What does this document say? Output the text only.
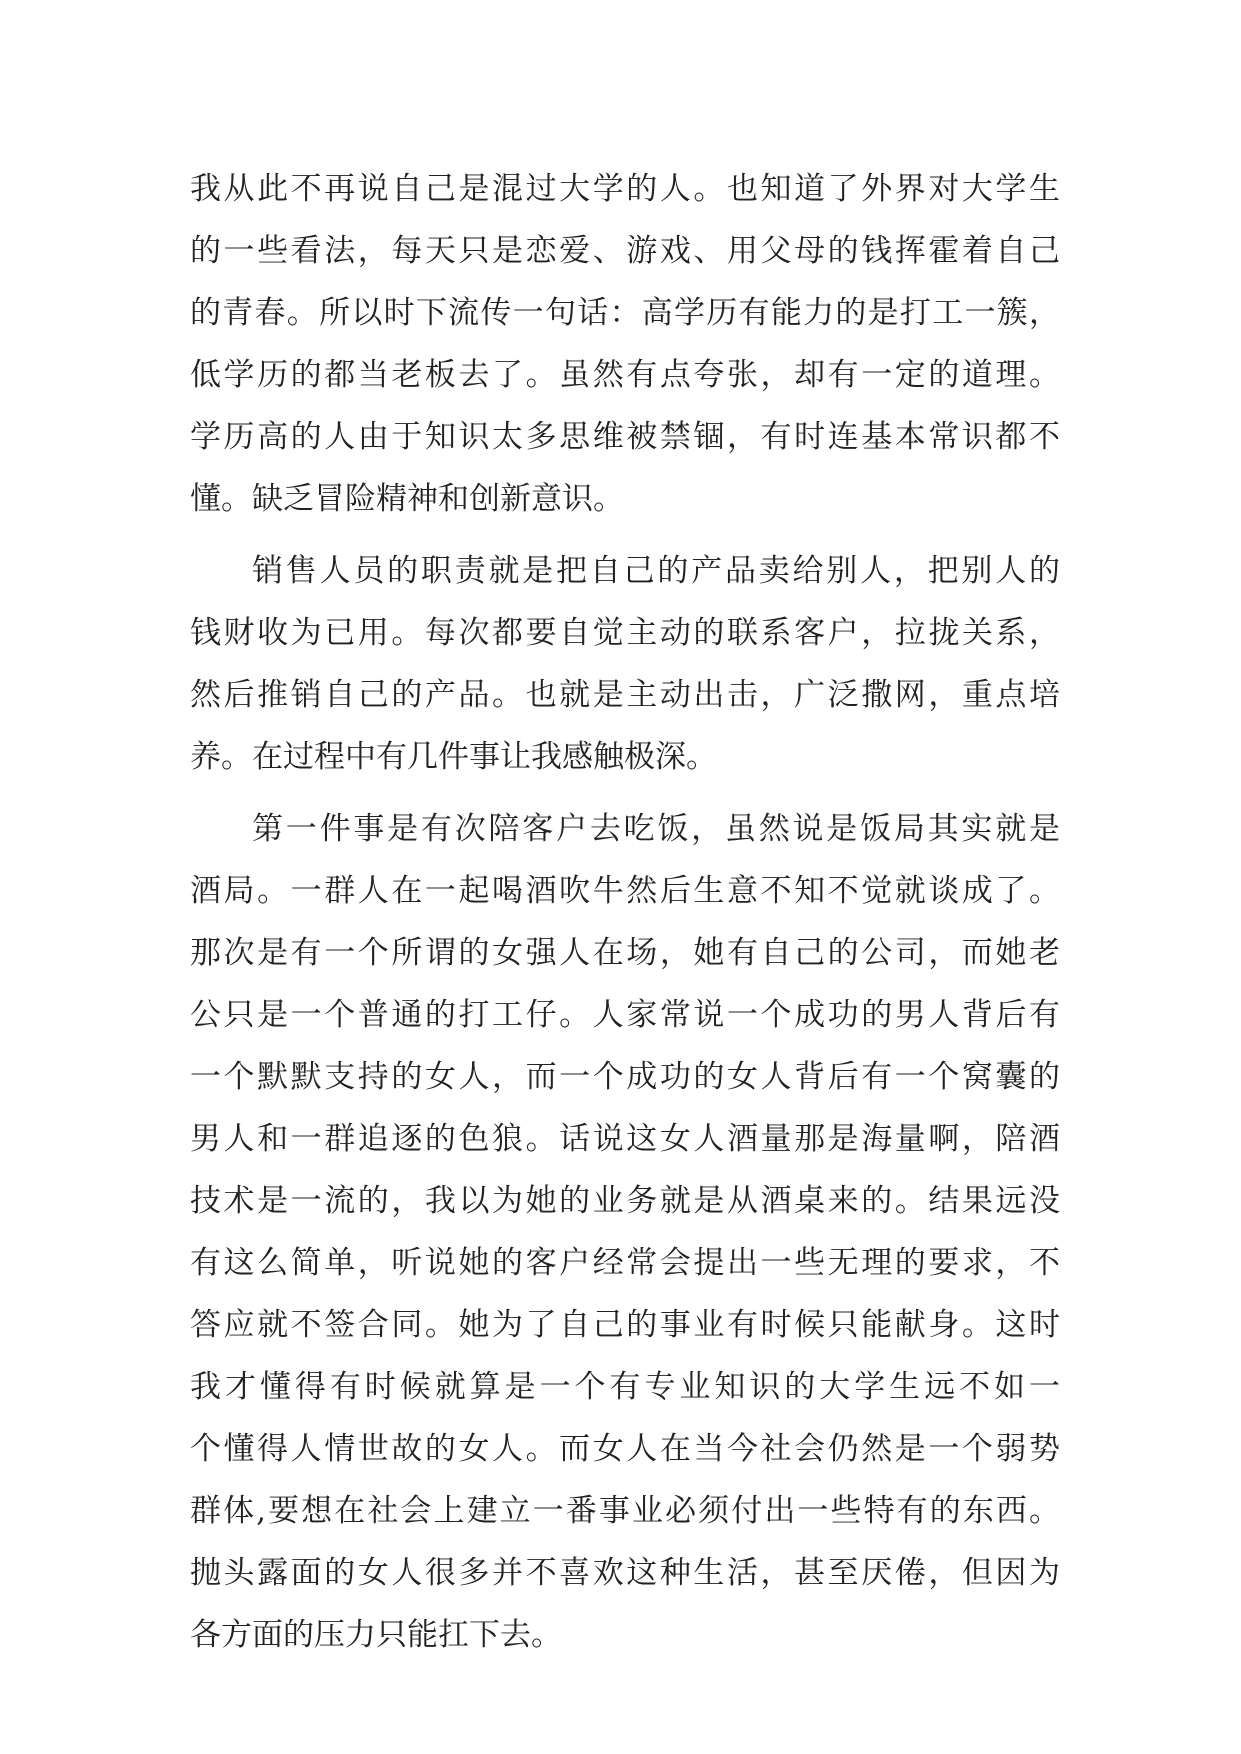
我从此不再说自己是混过大学的人。也知道了外界对大学生
的一些看法，每天只是恋爱、游戏、用父母的钱挥霍着自己
的青春。所以时下流传一句话：高学历有能力的是打工一簇，
低学历的都当老板去了。虽然有点夸张，却有一定的道理。
学历高的人由于知识太多思维被禁锢，有时连基本常识都不
懂。缺乏冒险精神和创新意识。
销售人员的职责就是把自己的产品卖给别人，把别人的
钱财收为已用。每次都要自觉主动的联系客户，拉拢关系，
然后推销自己的产品。也就是主动出击，广泛撒网，重点培
养。在过程中有几件事让我感触极深。
第一件事是有次陪客户去吃饭，虽然说是饭局其实就是
酒局。一群人在一起喝酒吹牛然后生意不知不觉就谈成了。
那次是有一个所谓的女强人在场，她有自己的公司，而她老
公只是一个普通的打工仔。人家常说一个成功的男人背后有
一个默默支持的女人，而一个成功的女人背后有一个窝囊的
男人和一群追逐的色狼。话说这女人酒量那是海量啊，陪酒
技术是一流的，我以为她的业务就是从酒桌来的。结果远没
有这么简单，听说她的客户经常会提出一些无理的要求，不
答应就不签合同。她为了自己的事业有时候只能献身。这时
我才懂得有时候就算是一个有专业知识的大学生远不如一
个懂得人情世故的女人。而女人在当今社会仍然是一个弱势
群体,要想在社会上建立一番事业必须付出一些特有的东西。
抛头露面的女人很多并不喜欢这种生活，甚至厌倦，但因为
各方面的压力只能扛下去。
